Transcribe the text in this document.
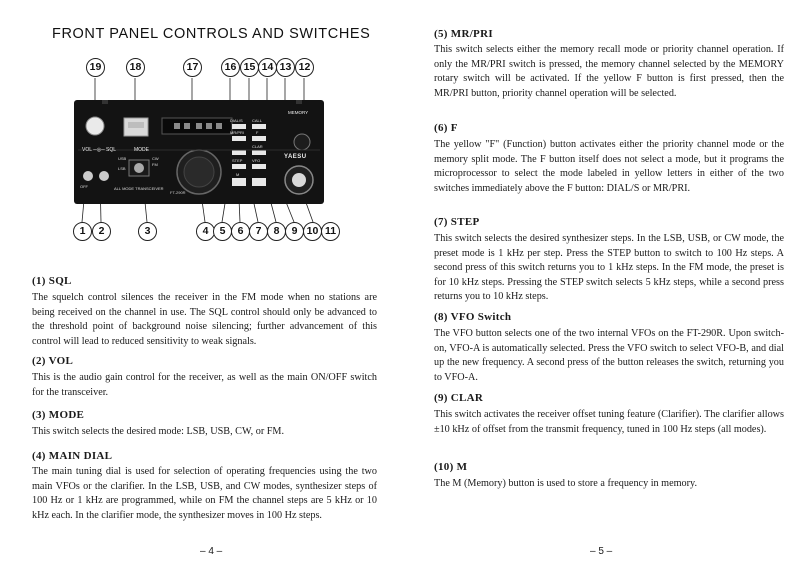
FRONT PANEL CONTROLS AND SWITCHES
19	18	17	16 15 14 13 12
VOL ─◎─ SQL	MODE
USB	CW
FM
LSB
OFF	ALL MODE TRANSCEIVER
FT-290R
MEMORY
DIAL/S CALL
MR/PRI	F
CLAR
STEP VFO
M
YAESU
1	2	3	4	5	6	7	8	9 10 11
(1) SQL

The squelch control silences the receiver in the FM mode when no stations are being received on the channel in use. The SQL control should only be advanced to the threshold point of background noise silencing; further advancement of this control will lead to reduced sensitivity to weak signals.

(2) VOL

This is the audio gain control for the receiver, as well as the main ON/OFF switch for the transceiver.

(3) MODE

This switch selects the desired mode: LSB, USB, CW, or FM.

(4) MAIN DIAL

The main tuning dial is used for selection of operating frequencies using the two main VFOs or the clarifier. In the LSB, USB, and CW modes, synthesizer steps of 100 Hz or 1 kHz are programmed, while on FM the channel steps are 5 kHz or 10 kHz each. In the clarifier mode, the synthesizer moves in 100 Hz steps.

– 4 –
(5) MR/PRI

This switch selects either the memory recall mode or priority channel operation. If only the MR/PRI switch is pressed, the memory channel selected by the MEMORY rotary switch will be activated. If the yellow F button is first pressed, then the MR/PRI button, priority channel operation will be selected.

(6) F

The yellow "F" (Function) button activates either the priority channel mode or the memory split mode. The F button itself does not select a mode, but it programs the microprocessor to select the mode labeled in yellow letters in either of the two switches immediately above the F button: DIAL/S or MR/PRI.

(7) STEP

This switch selects the desired synthesizer steps. In the LSB, USB, or CW mode, the preset mode is 1 kHz per step. Press the STEP button to switch to 100 Hz steps. A second press of this switch returns you to 1 kHz steps. In the FM mode, the preset is for 10 kHz steps. Pressing the STEP switch selects 5 kHz steps, while a second press returns you to 10 kHz steps.

(8) VFO Switch

The VFO button selects one of the two internal VFOs on the FT-290R. Upon switch-on, VFO-A is automatically selected. Press the VFO switch to select VFO-B, and dial up the new frequency. A second press of the button releases the switch, returning you to VFO-A.

(9) CLAR

This switch activates the receiver offset tuning feature (Clarifier). The clarifier allows ±10 kHz of offset from the transmit frequency, tuned in 100 Hz steps (all modes).

(10) M

The M (Memory) button is used to store a frequency in memory.

– 5 –
